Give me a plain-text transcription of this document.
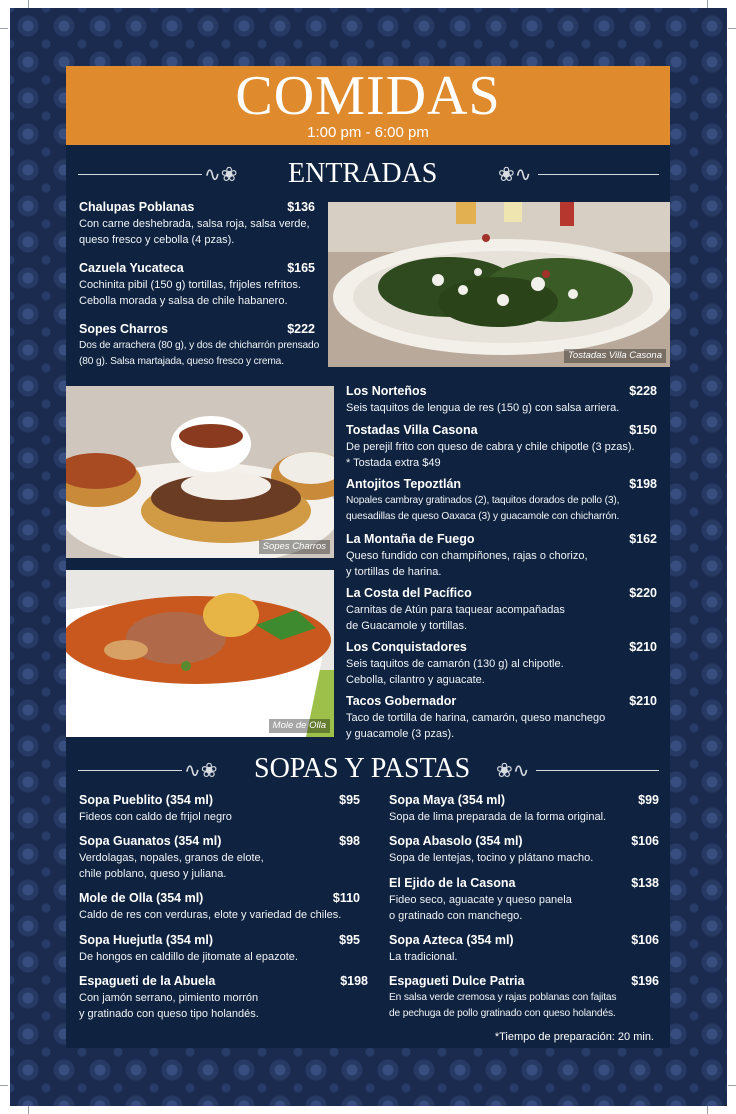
COMIDAS
1:00 pm - 6:00 pm
∿❀ ENTRADAS	❀∿
Tostadas Villa Casona
Sopes Charros
Mole de Olla
Chalupas Poblanas	$136
Con carne deshebrada, salsa roja, salsa verde,
queso fresco y cebolla (4 pzas).
Cazuela Yucateca	$165
Cochinita pibil (150 g) tortillas, frijoles refritos.
Cebolla morada y salsa de chile habanero.
Sopes Charros	$222
Dos de arrachera (80 g), y dos de chicharrón prensado
(80 g). Salsa martajada, queso fresco y crema.
Los Norteños	$228
Seis taquitos de lengua de res (150 g) con salsa arriera.
Tostadas Villa Casona	$150
De perejil frito con queso de cabra y chile chipotle (3 pzas).
* Tostada extra $49
Antojitos Tepoztlán	$198
Nopales cambray gratinados (2), taquitos dorados de pollo (3),
quesadillas de queso Oaxaca (3) y guacamole con chicharrón.
La Montaña de Fuego	$162
Queso fundido con champiñones, rajas o chorizo,
y tortillas de harina.
La Costa del Pacífico	$220
Carnitas de Atún para taquear acompañadas
de Guacamole y tortillas.
Los Conquistadores	$210
Seis taquitos de camarón (130 g) al chipotle.
Cebolla, cilantro y aguacate.
Tacos Gobernador	$210
Taco de tortilla de harina, camarón, queso manchego
y guacamole (3 pzas).
∿❀ SOPAS Y PASTAS ❀∿
Sopa Pueblito (354 ml)	$95
Fideos con caldo de frijol negro
Sopa Guanatos (354 ml)	$98
Verdolagas, nopales, granos de elote,
chile poblano, queso y juliana.
Mole de Olla (354 ml)	$110
Caldo de res con verduras, elote y variedad de chiles.
Sopa Huejutla (354 ml)	$95
De hongos en caldillo de jitomate al epazote.
Espagueti de la Abuela	$198
Con jamón serrano, pimiento morrón
y gratinado con queso tipo holandés.
Sopa Maya (354 ml)	$99
Sopa de lima preparada de la forma original.
Sopa Abasolo (354 ml)	$106
Sopa de lentejas, tocino y plátano macho.
El Ejido de la Casona	$138
Fideo seco, aguacate y queso panela
o gratinado con manchego.
Sopa Azteca (354 ml)	$106
La tradicional.
Espagueti Dulce Patria	$196
En salsa verde cremosa y rajas poblanas con fajitas
de pechuga de pollo gratinado con queso holandés.
*Tiempo de preparación: 20 min.
